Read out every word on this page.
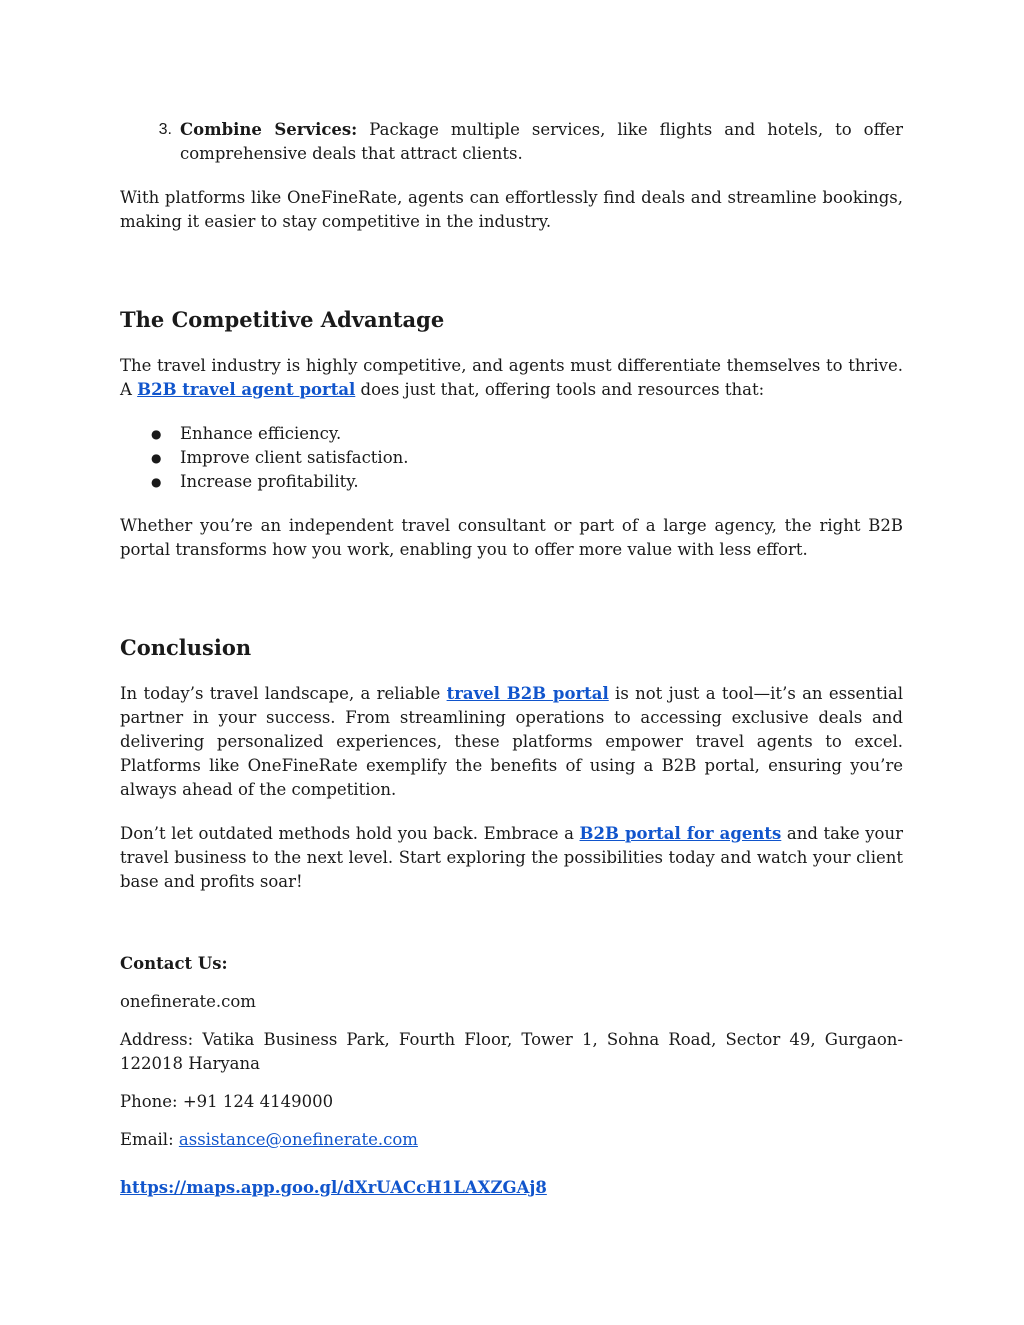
3. Combine Services: Package multiple services, like flights and hotels, to offer comprehensive deals that attract clients.

With platforms like OneFineRate, agents can effortlessly find deals and streamline bookings, making it easier to stay competitive in the industry.

The Competitive Advantage

The travel industry is highly competitive, and agents must differentiate themselves to thrive. A B2B travel agent portal does just that, offering tools and resources that:

●	Enhance efficiency.
●	Improve client satisfaction.
●	Increase profitability.

Whether you’re an independent travel consultant or part of a large agency, the right B2B portal transforms how you work, enabling you to offer more value with less effort.

Conclusion

In today’s travel landscape, a reliable travel B2B portal is not just a tool—it’s an essential partner in your success. From streamlining operations to accessing exclusive deals and delivering personalized experiences, these platforms empower travel agents to excel. Platforms like OneFineRate exemplify the benefits of using a B2B portal, ensuring you’re always ahead of the competition.

Don’t let outdated methods hold you back. Embrace a B2B portal for agents and take your travel business to the next level. Start exploring the possibilities today and watch your client base and profits soar!

Contact Us:

onefinerate.com

Address: Vatika Business Park, Fourth Floor, Tower 1, Sohna Road, Sector 49, Gurgaon- 122018 Haryana

Phone: +91 124 4149000

Email: assistance@onefinerate.com

https://maps.app.goo.gl/dXrUACcH1LAXZGAj8
